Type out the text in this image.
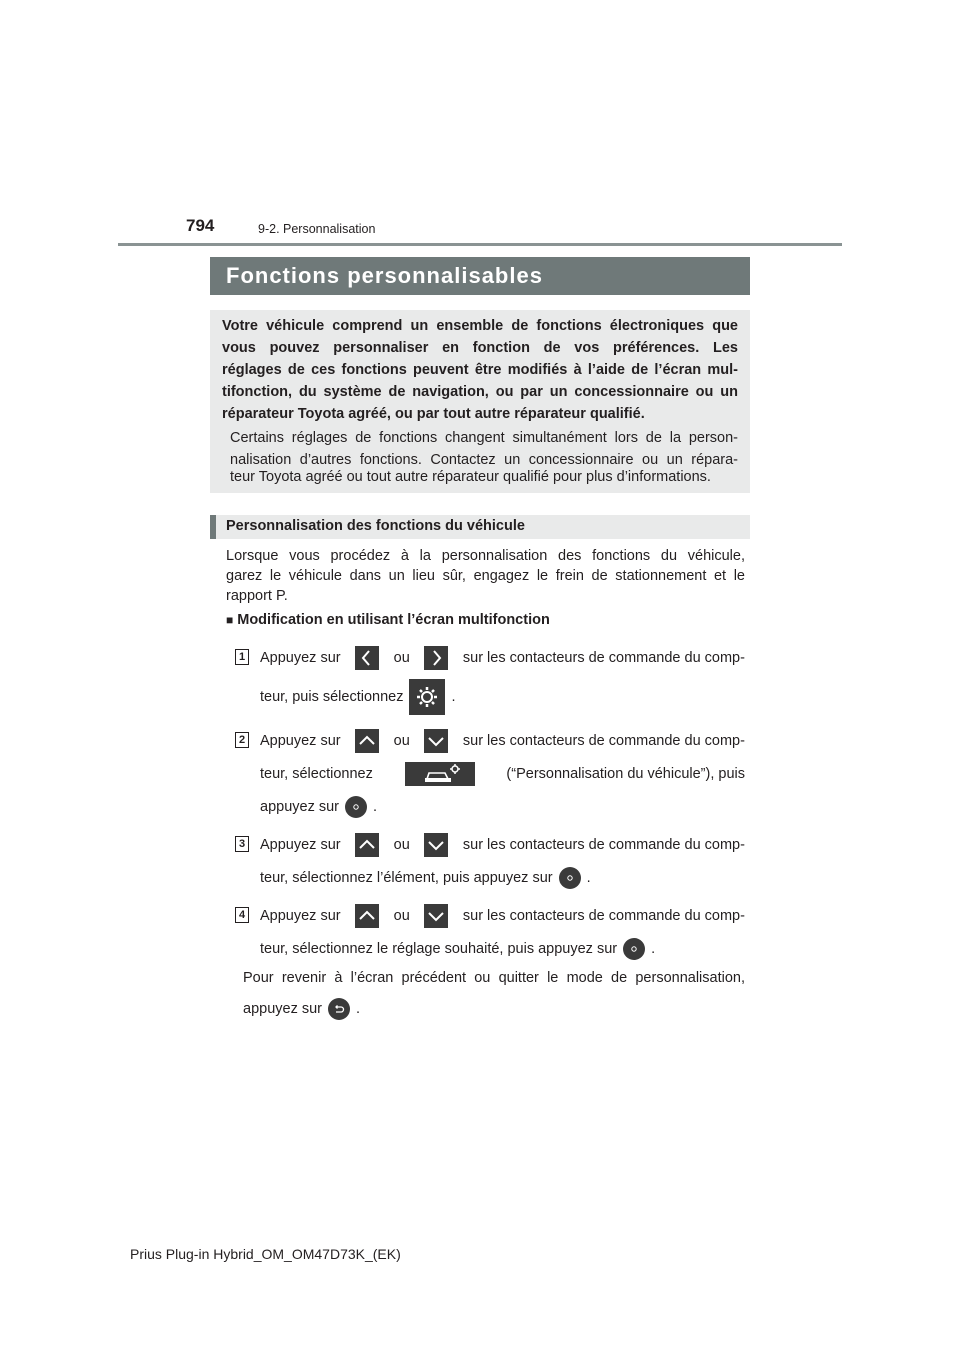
794	9-2. Personnalisation
Fonctions personnalisables
Votre véhicule comprend un ensemble de fonctions électroniques que
vous pouvez personnaliser en fonction de vos préférences. Les
réglages de ces fonctions peuvent être modifiés à l’aide de l’écran mul-
tifonction, du système de navigation, ou par un concessionnaire ou un
réparateur Toyota agréé, ou par tout autre réparateur qualifié.
Certains réglages de fonctions changent simultanément lors de la person-
nalisation d’autres fonctions. Contactez un concessionnaire ou un répara-
teur Toyota agréé ou tout autre réparateur qualifié pour plus d’informations.
Personnalisation des fonctions du véhicule
Lorsque vous procédez à la personnalisation des fonctions du véhicule,
garez le véhicule dans un lieu sûr, engagez le frein de stationnement et le
rapport P.
■ Modification en utilisant l’écran multifonction
1 Appuyez sur	ou	sur les contacteurs de commande du comp-
teur, puis sélectionnez	.
2 Appuyez sur	ou	sur les contacteurs de commande du comp-
teur, sélectionnez	(“Personnalisation du véhicule”), puis
appuyez sur .
3 Appuyez sur	ou	sur les contacteurs de commande du comp-
teur, sélectionnez l’élément, puis appuyez sur .
4 Appuyez sur	ou	sur les contacteurs de commande du comp-
teur, sélectionnez le réglage souhaité, puis appuyez sur .
Pour revenir à l’écran précédent ou quitter le mode de personnalisation,
appuyez sur .
Prius Plug-in Hybrid_OM_OM47D73K_(EK)
